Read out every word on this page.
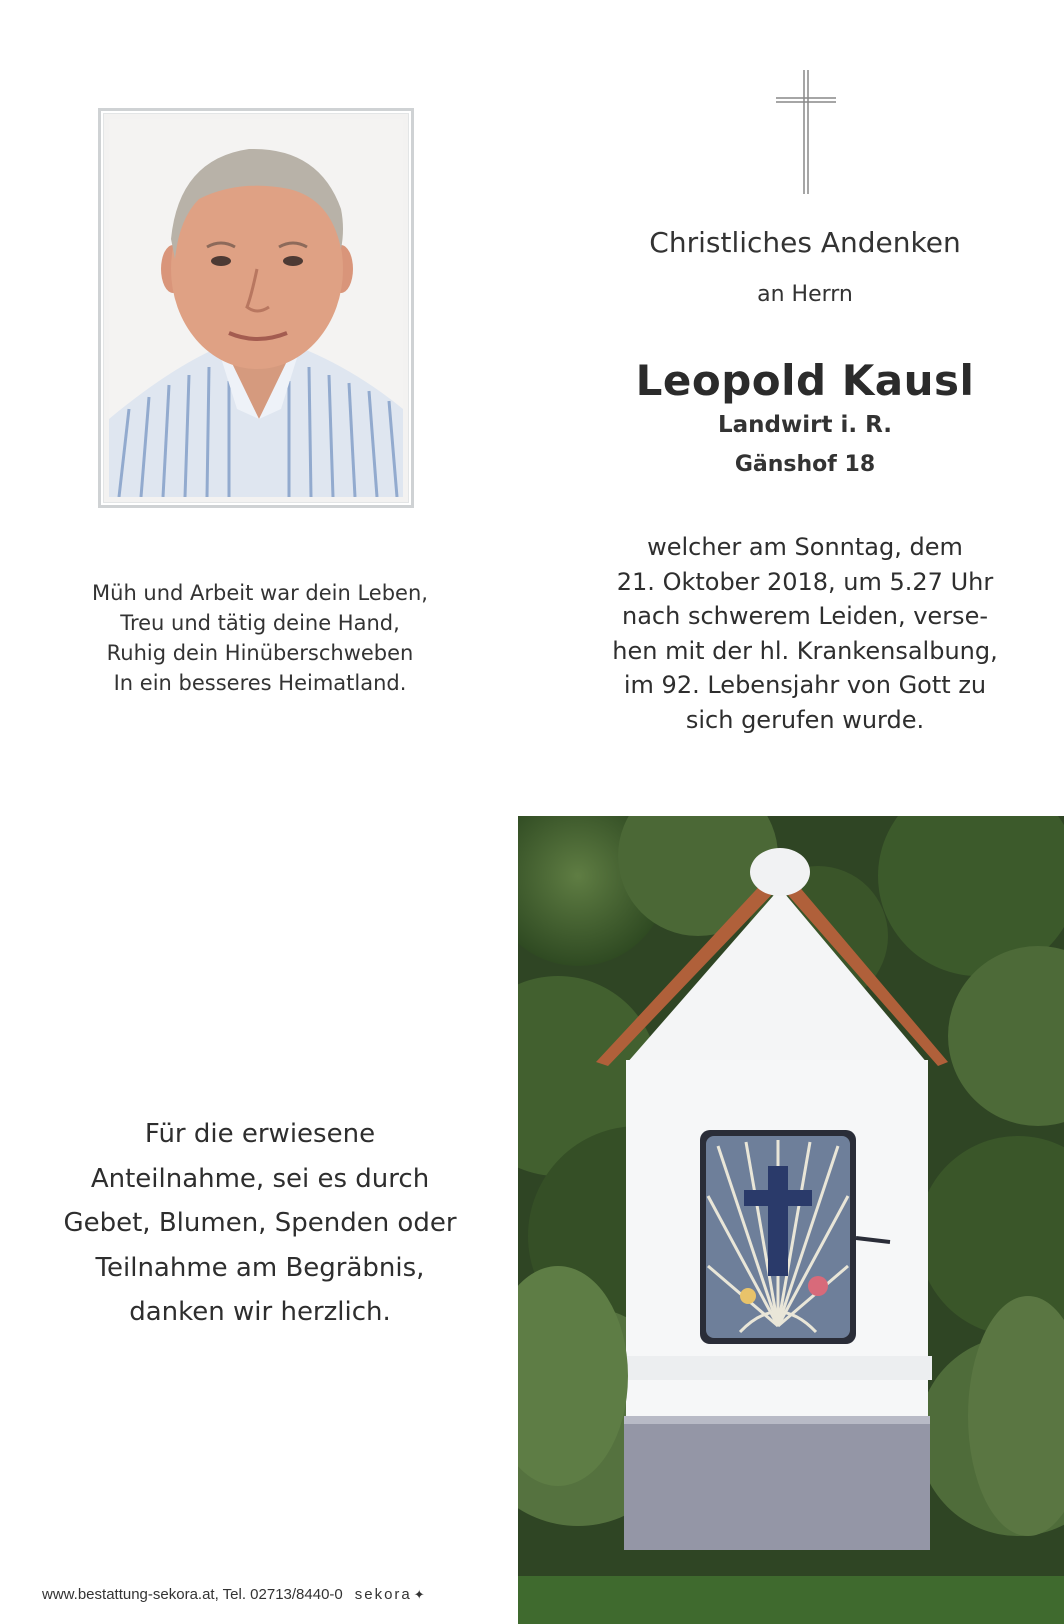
Müh und Arbeit war dein Leben,
Treu und tätig deine Hand,
Ruhig dein Hinüberschweben
In ein besseres Heimatland.
Christliches Andenken
an Herrn
Leopold Kausl
Landwirt i. R.
Gänshof 18
welcher am Sonntag, dem
21. Oktober 2018, um 5.27 Uhr
nach schwerem Leiden, verse-
hen mit der hl. Krankensalbung,
im 92. Lebensjahr von Gott zu
sich gerufen wurde.
Für die erwiesene
Anteilnahme, sei es durch
Gebet, Blumen, Spenden oder
Teilnahme am Begräbnis,
danken wir herzlich.
www.bestattung-sekora.at, Tel. 02713/8440-0 sekora ✦
